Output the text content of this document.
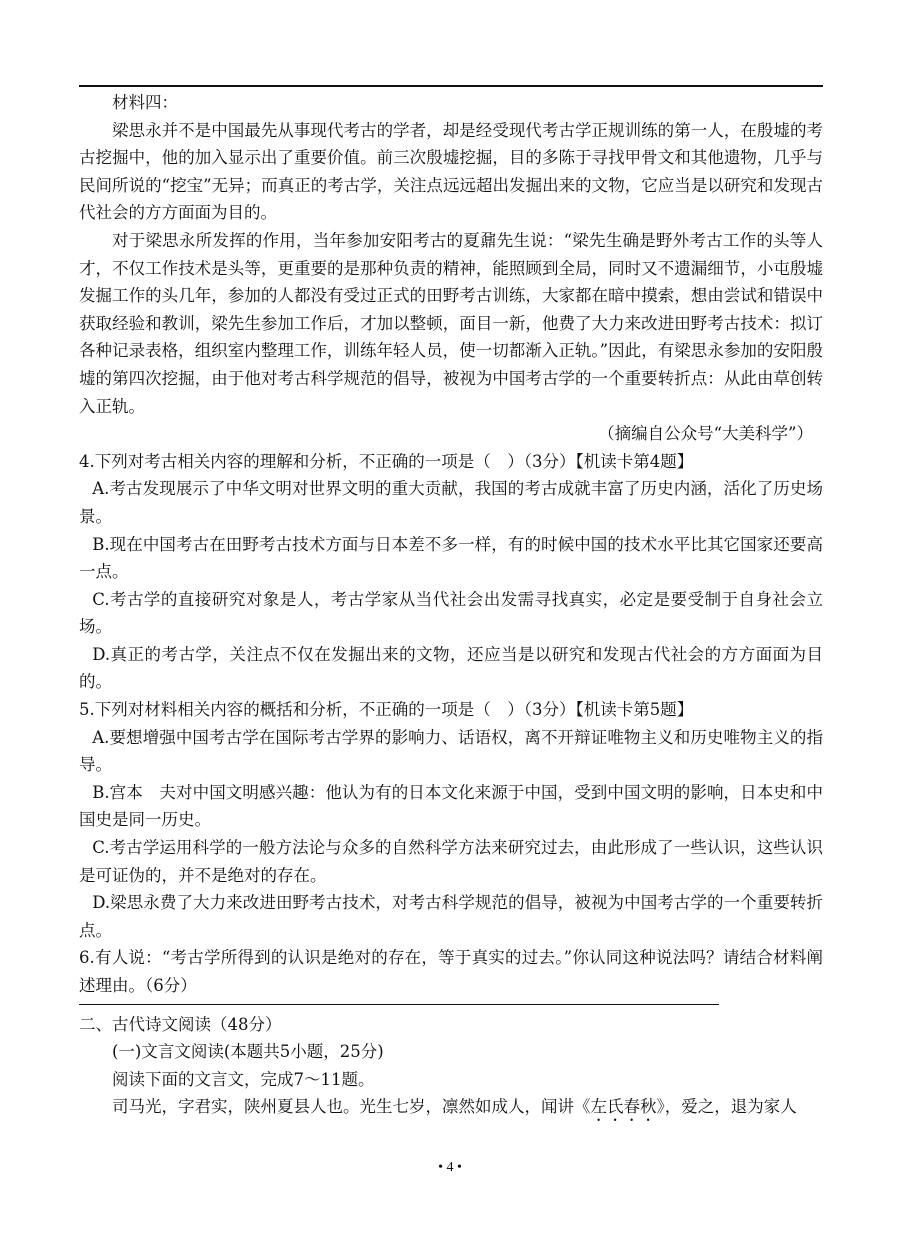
材料四：

梁思永并不是中国最先从事现代考古的学者，却是经受现代考古学正规训练的第一人，在殷墟的考古挖掘中，他的加入显示出了重要价值。前三次殷墟挖掘，目的多陈于寻找甲骨文和其他遗物，几乎与民间所说的“挖宝”无异；而真正的考古学，关注点远远超出发掘出来的文物，它应当是以研究和发现古代社会的方方面面为目的。

对于梁思永所发挥的作用，当年参加安阳考古的夏鼐先生说：“梁先生确是野外考古工作的头等人才，不仅工作技术是头等，更重要的是那种负责的精神，能照顾到全局，同时又不遗漏细节，小屯殷墟发掘工作的头几年，参加的人都没有受过正式的田野考古训练，大家都在暗中摸索，想由尝试和错误中获取经验和教训，梁先生参加工作后，才加以整顿，面目一新，他费了大力来改进田野考古技术：拟订各种记录表格，组织室内整理工作，训练年轻人员，使一切都渐入正轨。”因此，有梁思永参加的安阳殷墟的第四次挖掘，由于他对考古科学规范的倡导，被视为中国考古学的一个重要转折点：从此由草创转入正轨。

（摘编自公众号“大美科学”）

4.下列对考古相关内容的理解和分析，不正确的一项是（　）（3分）【机读卡第4题】

A.考古发现展示了中华文明对世界文明的重大贡献，我国的考古成就丰富了历史内涵，活化了历史场景。

B.现在中国考古在田野考古技术方面与日本差不多一样，有的时候中国的技术水平比其它国家还要高一点。

C.考古学的直接研究对象是人，考古学家从当代社会出发需寻找真实，必定是要受制于自身社会立场。

D.真正的考古学，关注点不仅在发掘出来的文物，还应当是以研究和发现古代社会的方方面面为目的。

5.下列对材料相关内容的概括和分析，不正确的一项是（　）（3分）【机读卡第5题】

A.要想增强中国考古学在国际考古学界的影响力、话语权，离不开辩证唯物主义和历史唯物主义的指导。

B.宫本　夫对中国文明感兴趣：他认为有的日本文化来源于中国，受到中国文明的影响，日本史和中国史是同一历史。

C.考古学运用科学的一般方法论与众多的自然科学方法来研究过去，由此形成了一些认识，这些认识是可证伪的，并不是绝对的存在。

D.梁思永费了大力来改进田野考古技术，对考古科学规范的倡导，被视为中国考古学的一个重要转折点。

6.有人说：“考古学所得到的认识是绝对的存在，等于真实的过去。”你认同这种说法吗？请结合材料阐述理由。（6分）

二、古代诗文阅读（48分）

(一)文言文阅读(本题共5小题，25分)

阅读下面的文言文，完成7～11题。

司马光，字君实，陕州夏县人也。光生七岁，凛然如成人，闻讲《左氏春秋》，爱之，退为家人

• 4 •
